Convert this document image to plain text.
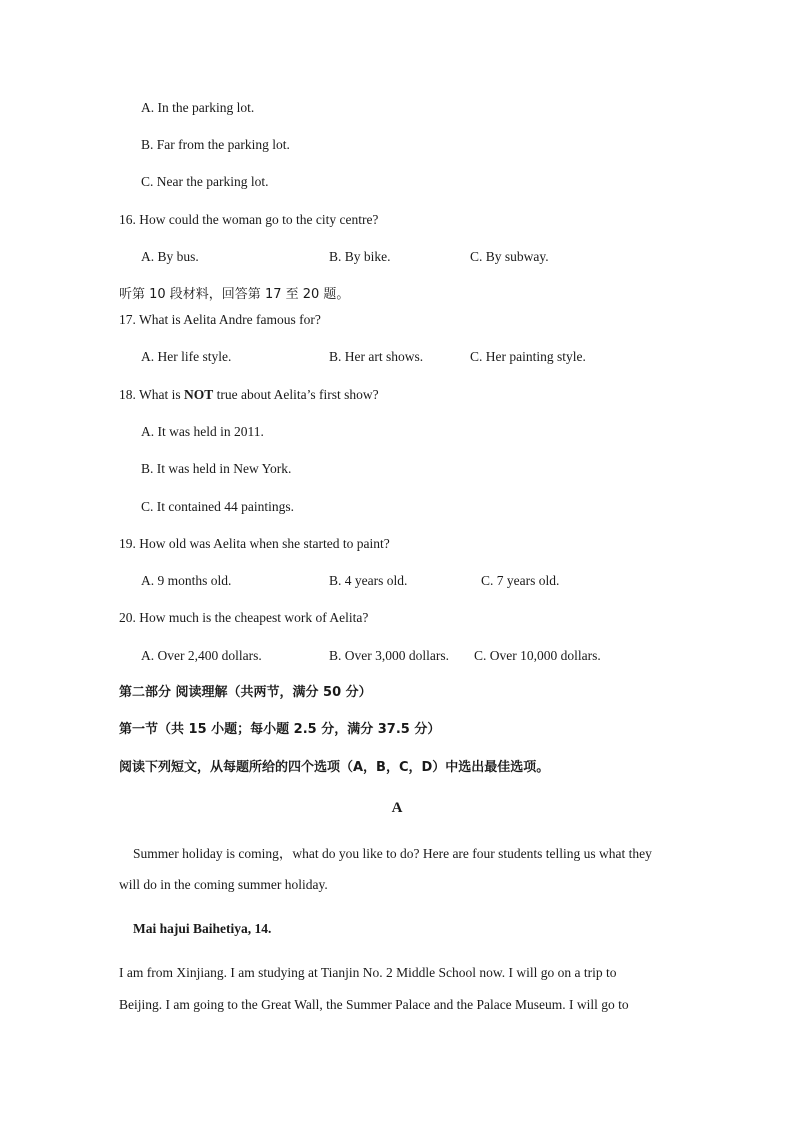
A. In the parking lot.
B. Far from the parking lot.
C. Near the parking lot.
16. How could the woman go to the city centre?
A. By bus.	B. By bike.	C. By subway.
听第 10 段材料，回答第 17 至 20 题。
17. What is Aelita Andre famous for?
A. Her life style.	B. Her art shows.	C. Her painting style.
18. What is NOT true about Aelita’s first show?
A. It was held in 2011.
B. It was held in New York.
C. It contained 44 paintings.
19. How old was Aelita when she started to paint?
A. 9 months old.	B. 4 years old.	C. 7 years old.
20. How much is the cheapest work of Aelita?
A. Over 2,400 dollars.	B. Over 3,000 dollars. C. Over 10,000 dollars.
第二部分 阅读理解（共两节，满分 50 分）
第一节（共 15 小题；每小题 2.5 分，满分 37.5 分）
阅读下列短文，从每题所给的四个选项（A，B，C，D）中选出最佳选项。
A
Summer holiday is coming，what do you like to do? Here are four students telling us what they
will do in the coming summer holiday.
Mai hajui Baihetiya, 14.
I am from Xinjiang. I am studying at Tianjin No. 2 Middle School now. I will go on a trip to
Beijing. I am going to the Great Wall, the Summer Palace and the Palace Museum. I will go to
